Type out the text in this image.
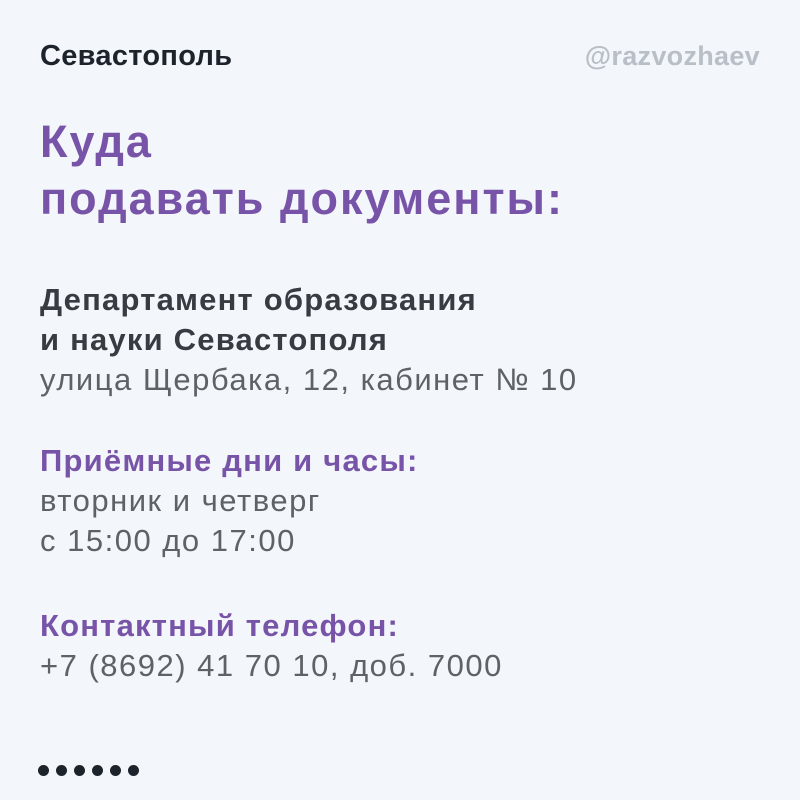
Севастополь	@razvozhaev
Куда
подавать документы:
Департамент образования
и науки Севастополя
улица Щербака, 12, кабинет № 10
Приёмные дни и часы:
вторник и четверг
с 15:00 до 17:00
Контактный телефон:
+7 (8692) 41 70 10, доб. 7000
